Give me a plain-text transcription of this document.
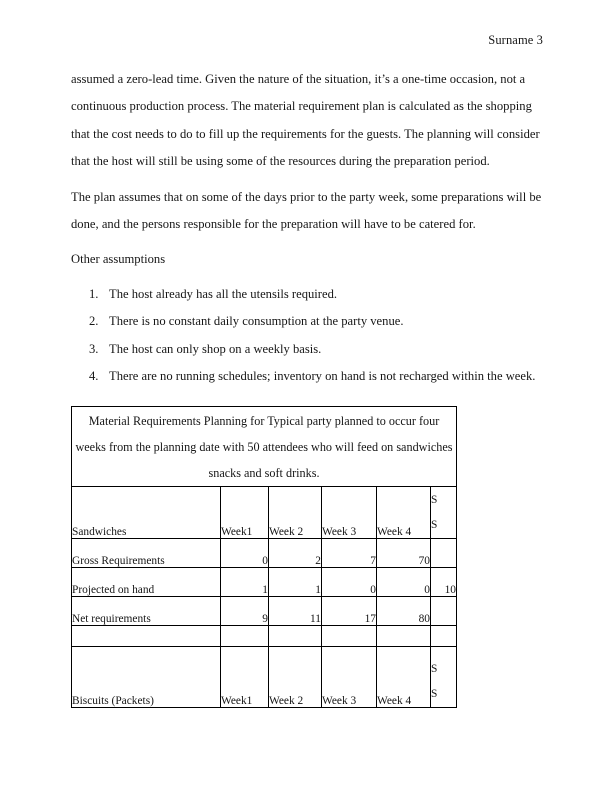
Surname 3

assumed a zero-lead time. Given the nature of the situation, it’s a one-time occasion, not a continuous production process. The material requirement plan is calculated as the shopping that the cost needs to do to fill up the requirements for the guests. The planning will consider that the host will still be using some of the resources during the preparation period.

The plan assumes that on some of the days prior to the party week, some preparations will be done, and the persons responsible for the preparation will have to be catered for.

Other assumptions
1. The host already has all the utensils required.
2. There is no constant daily consumption at the party venue.
3. The host can only shop on a weekly basis.
4. There are no running schedules; inventory on hand is not recharged within the week.
Material Requirements Planning for Typical party planned to occur four weeks from the planning date with 50 attendees who will feed on sandwiches snacks and soft drinks.					
Sandwiches	Week1	Week 2	Week 3	Week 4	S
S

Gross Requirements	0	2	7	70	
Projected on hand	1	1	0	0	10
Net requirements	9	11	17	80	

Biscuits (Packets)	Week1	Week 2	Week 3	Week 4	S
S
